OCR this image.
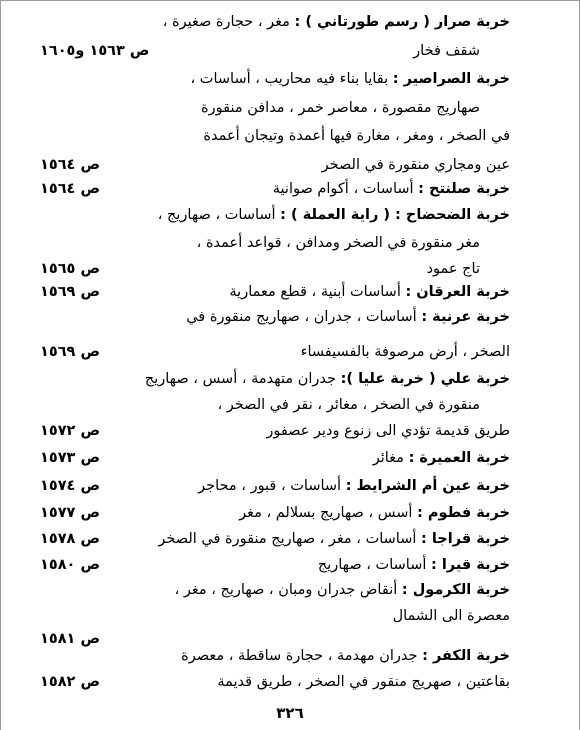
خربة صرار ( رسم طورتاني ) : مغر ، حجارة صغيرة ،
شقف فخار
ص ١٥٦٣ و١٦٠٥
خربة الصراصير : بقايا بناء فيه محاريب ، أساسات ،
صهاريج مقصورة ، معاصر خمر ، مدافن منقورة
في الصخر ، ومغر ، مغارة فيها أعمدة وتيجان أعمدة
عين ومجاري منقورة في الصخر
ص ١٥٦٤
خربة صلنتح : أساسات ، أكوام صوانية
ص ١٥٦٤
خربة الضحضاح : ( راية العملة ) : أساسات ، صهاريج ،
مغر منقورة في الصخر ومدافن ، قواعد أعمدة ،
تاج عمود
ص ١٥٦٥
خربة العرقان : أساسات أبنية ، قطع معمارية
ص ١٥٦٩
خربة عرنية : أساسات ، جدران ، صهاريج منقورة في
الصخر ، أرض مرصوفة بالفسيفساء
ص ١٥٦٩
خربة علي ( خربة عليا ): جدران متهدمة ، أسس ، صهاريج
منقورة في الصخر ، مغائر ، نقر في الصخر ،
طريق قديمة تؤدي الى زنوع ودير عصفور
ص ١٥٧٢
خربة العميرة : مغائر
ص ١٥٧٣
خربة عين أم الشرايط : أساسات ، قبور ، محاجر
ص ١٥٧٤
خربة فطوم : أسس ، صهاريج بسلالم ، مغر
ص ١٥٧٧
خربة قراجا : أساسات ، مغر ، صهاريج منقورة في الصخر
ص ١٥٧٨
خربة قيرا : أساسات ، صهاريج
ص ١٥٨٠
خربة الكرمول : أنقاض جدران ومبان ، صهاريج ، مغر ،
معصرة الى الشمال
ص ١٥٨١
خربة الكفر : جدران مهدمة ، حجارة ساقطة ، معصرة
بقاعتين ، صهريج منقور في الصخر ، طريق قديمة
ص ١٥٨٢
٣٢٦
